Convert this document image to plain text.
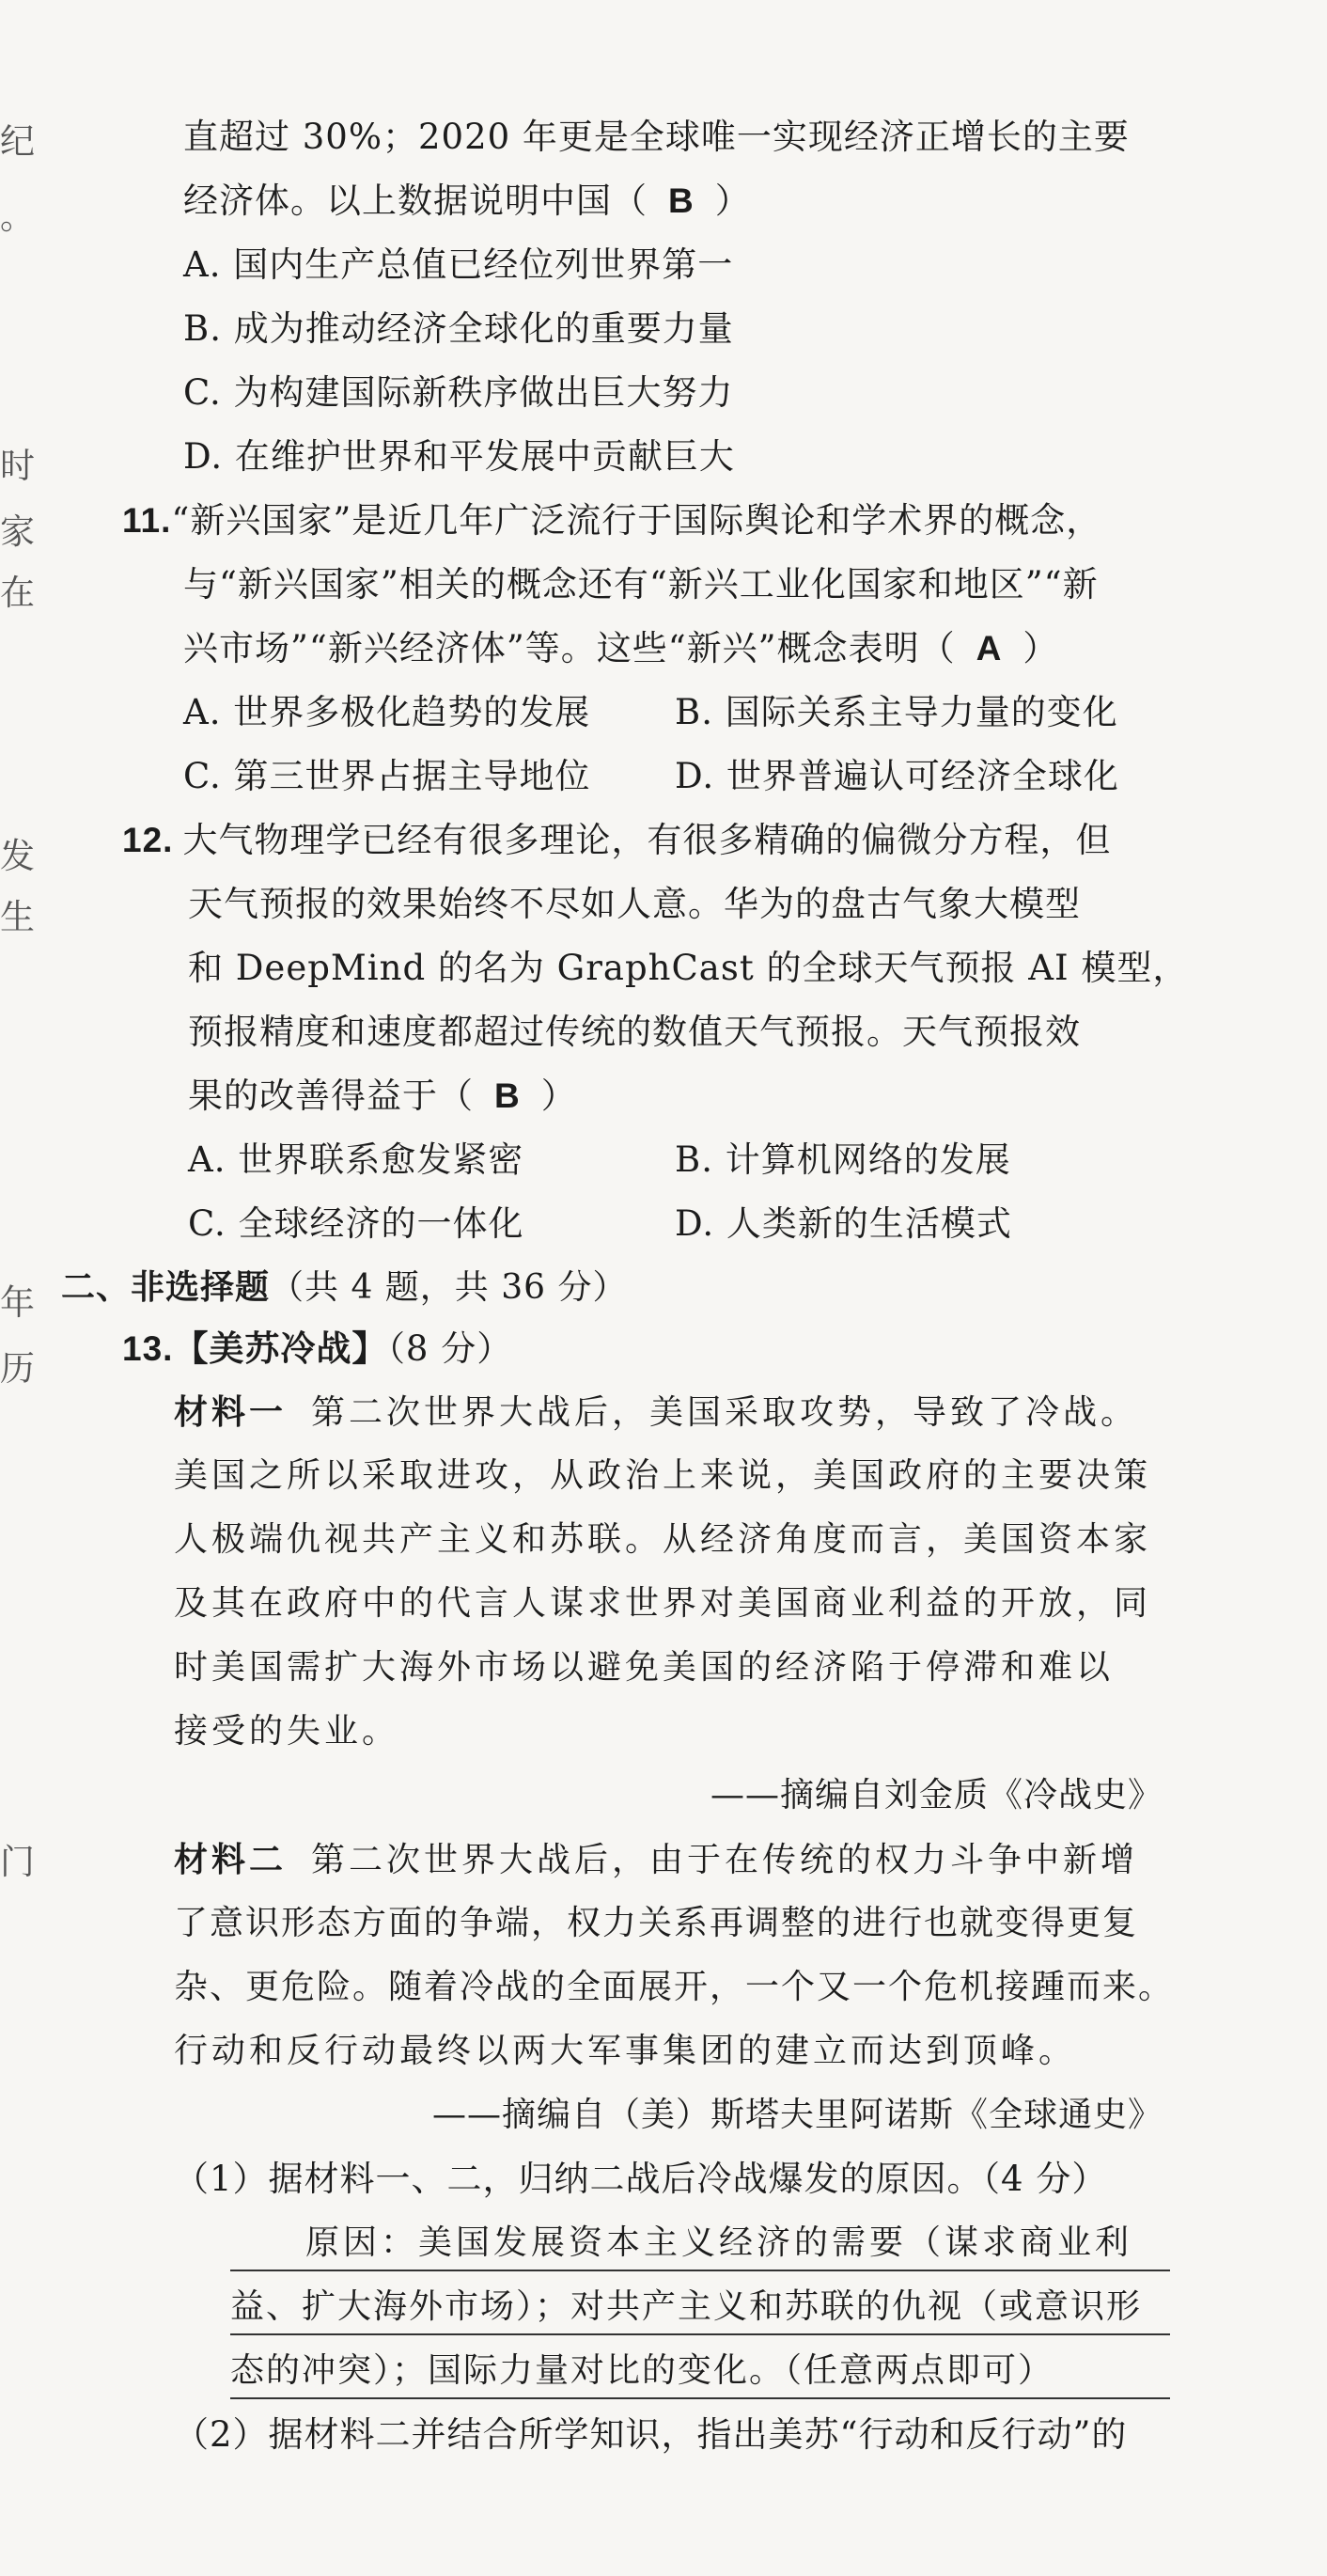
纪
。
时
家
在
发
生
年
历
门
直超过 30%；2020 年更是全球唯一实现经济正增长的主要
经济体。以上数据说明中国（ B ）
A. 国内生产总值已经位列世界第一
B. 成为推动经济全球化的重要力量
C. 为构建国际新秩序做出巨大努力
D. 在维护世界和平发展中贡献巨大
11.“新兴国家”是近几年广泛流行于国际舆论和学术界的概念，
与“新兴国家”相关的概念还有“新兴工业化国家和地区”“新
兴市场”“新兴经济体”等。这些“新兴”概念表明（ A ）
A. 世界多极化趋势的发展 B. 国际关系主导力量的变化
C. 第三世界占据主导地位 D. 世界普遍认可经济全球化
12. 大气物理学已经有很多理论，有很多精确的偏微分方程，但
天气预报的效果始终不尽如人意。华为的盘古气象大模型
和 DeepMind 的名为 GraphCast 的全球天气预报 AI 模型，
预报精度和速度都超过传统的数值天气预报。天气预报效
果的改善得益于（ B ）
A. 世界联系愈发紧密	B. 计算机网络的发展
C. 全球经济的一体化	D. 人类新的生活模式
二、非选择题（共 4 题，共 36 分）
13.【美苏冷战】（8 分）
材料一 第二次世界大战后，美国采取攻势，导致了冷战。
美国之所以采取进攻，从政治上来说，美国政府的主要决策
人极端仇视共产主义和苏联。从经济角度而言，美国资本家
及其在政府中的代言人谋求世界对美国商业利益的开放，同
时美国需扩大海外市场以避免美国的经济陷于停滞和难以
接受的失业。
——摘编自刘金质《冷战史》
材料二 第二次世界大战后，由于在传统的权力斗争中新增
了意识形态方面的争端，权力关系再调整的进行也就变得更复
杂、更危险。随着冷战的全面展开，一个又一个危机接踵而来。
行动和反行动最终以两大军事集团的建立而达到顶峰。
——摘编自（美）斯塔夫里阿诺斯《全球通史》
（1）据材料一、二，归纳二战后冷战爆发的原因。（4 分）
原因：美国发展资本主义经济的需要（谋求商业利
益、扩大海外市场）；对共产主义和苏联的仇视（或意识形
态的冲突）；国际力量对比的变化。（任意两点即可）
（2）据材料二并结合所学知识，指出美苏“行动和反行动”的
